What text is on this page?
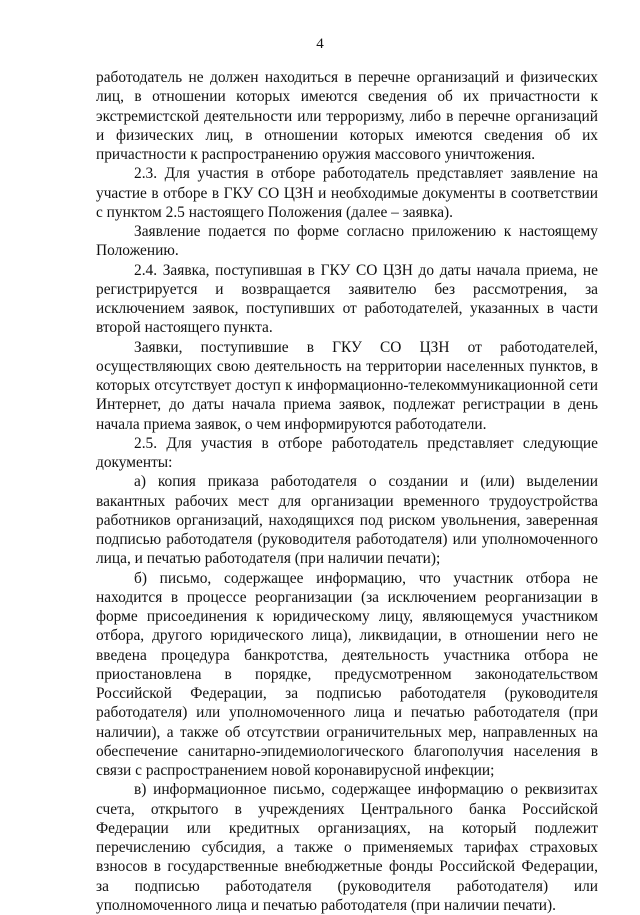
4

работодатель не должен находиться в перечне организаций и физических лиц, в отношении которых имеются сведения об их причастности к экстремистской деятельности или терроризму, либо в перечне организаций и физических лиц, в отношении которых имеются сведения об их причастности к распространению оружия массового уничтожения.

2.3. Для участия в отборе работодатель представляет заявление на участие в отборе в ГКУ СО ЦЗН и необходимые документы в соответствии с пунктом 2.5 настоящего Положения (далее – заявка).

Заявление подается по форме согласно приложению к настоящему Положению.

2.4. Заявка, поступившая в ГКУ СО ЦЗН до даты начала приема, не регистрируется и возвращается заявителю без рассмотрения, за исключением заявок, поступивших от работодателей, указанных в части второй настоящего пункта.

Заявки, поступившие в ГКУ СО ЦЗН от работодателей, осуществляющих свою деятельность на территории населенных пунктов, в которых отсутствует доступ к информационно-телекоммуникационной сети Интернет, до даты начала приема заявок, подлежат регистрации в день начала приема заявок, о чем информируются работодатели.

2.5. Для участия в отборе работодатель представляет следующие документы:

а) копия приказа работодателя о создании и (или) выделении вакантных рабочих мест для организации временного трудоустройства работников организаций, находящихся под риском увольнения, заверенная подписью работодателя (руководителя работодателя) или уполномоченного лица, и печатью работодателя (при наличии печати);

б) письмо, содержащее информацию, что участник отбора не находится в процессе реорганизации (за исключением реорганизации в форме присоединения к юридическому лицу, являющемуся участником отбора, другого юридического лица), ликвидации, в отношении него не введена процедура банкротства, деятельность участника отбора не приостановлена в порядке, предусмотренном законодательством Российской Федерации, за подписью работодателя (руководителя работодателя) или уполномоченного лица и печатью работодателя (при наличии), а также об отсутствии ограничительных мер, направленных на обеспечение санитарно-эпидемиологического благополучия населения в связи с распространением новой коронавирусной инфекции;

в) информационное письмо, содержащее информацию о реквизитах счета, открытого в учреждениях Центрального банка Российской Федерации или кредитных организациях, на который подлежит перечислению субсидия, а также о применяемых тарифах страховых взносов в государственные внебюджетные фонды Российской Федерации, за подписью работодателя (руководителя работодателя) или уполномоченного лица и печатью работодателя (при наличии печати).
